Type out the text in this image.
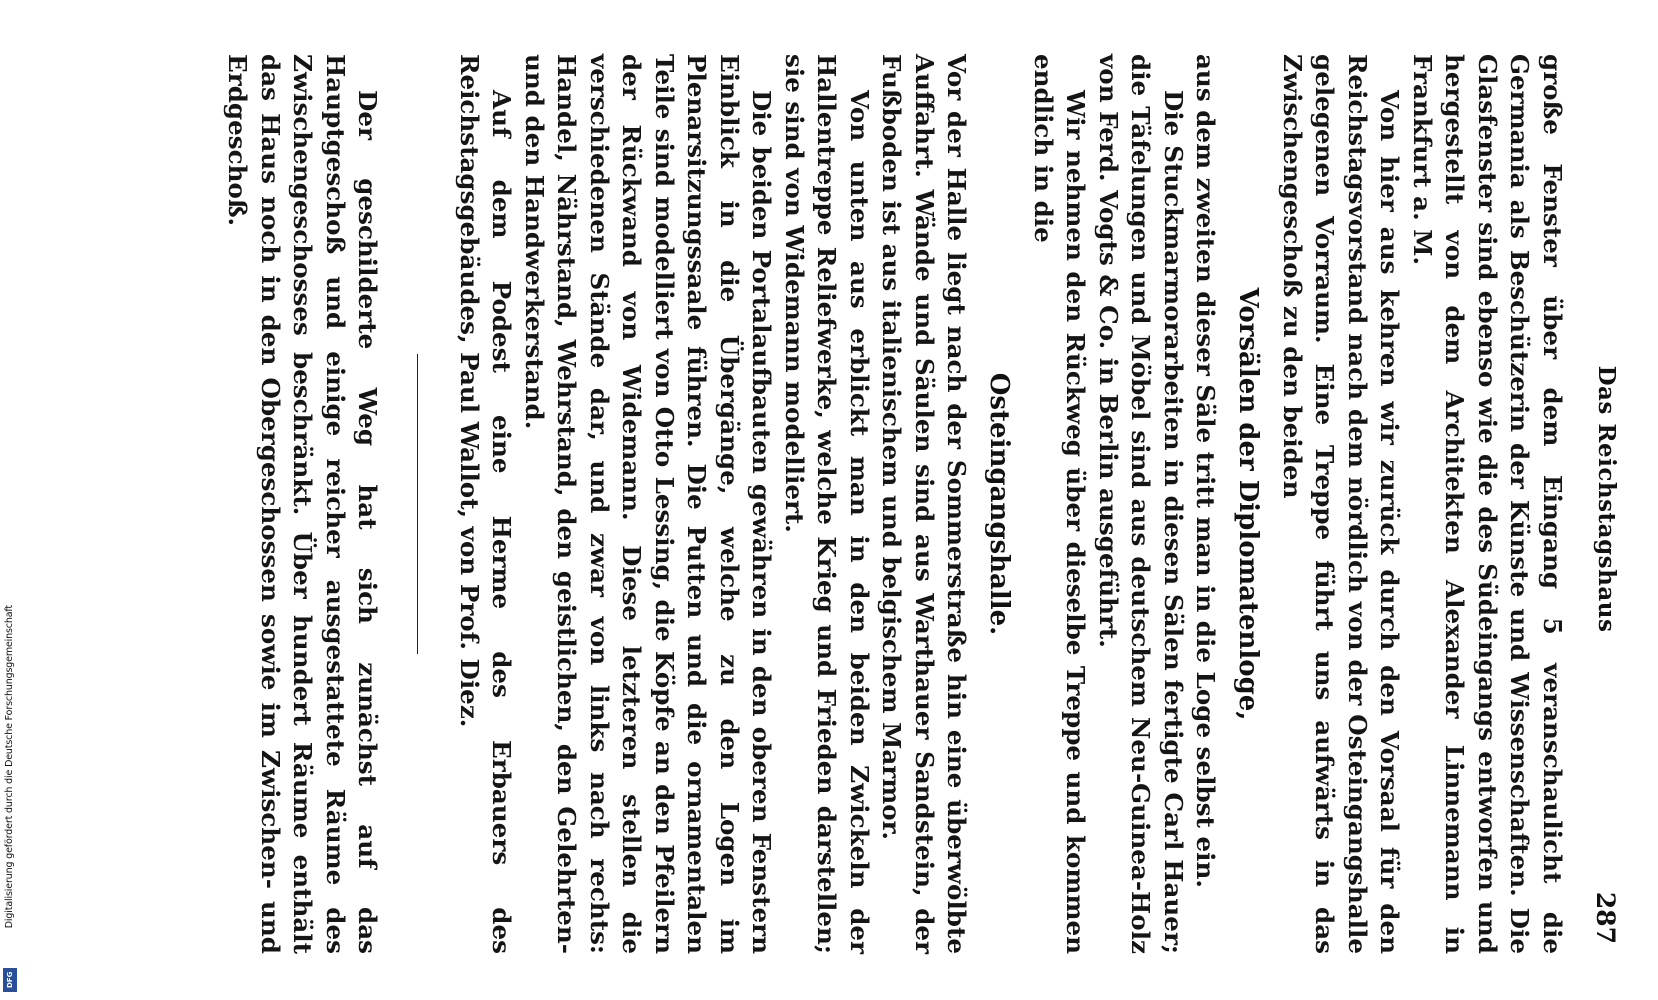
Digitalisierung gefördert durch die Deutsche Forschungsgemeinschaft
DFG
Das Reichstagshaus
287

große Fenster über dem Eingang 5 veranschaulicht die Germania als Beschützerin der Künste und Wissenschaften. Die Glasfenster sind ebenso wie die des Südeingangs entworfen und hergestellt von dem Architekten Alexander Linnemann in Frankfurt a. M.

Von hier aus kehren wir zurück durch den Vorsaal für den Reichstagsvorstand nach dem nördlich von der Osteingangshalle gelegenen Vorraum. Eine Treppe führt uns aufwärts in das Zwischengeschoß zu den beiden

Vorsälen der Diplomatenloge,

aus dem zweiten dieser Säle tritt man in die Loge selbst ein.

Die Stuckmarmorarbeiten in diesen Sälen fertigte Carl Hauer; die Täfelungen und Möbel sind aus deutschem Neu-Guinea-Holz von Ferd. Vogts & Co. in Berlin ausgeführt.

Wir nehmen den Rückweg über dieselbe Treppe und kommen endlich in die

Osteingangshalle.

Vor der Halle liegt nach der Sommerstraße hin eine überwölbte Auffahrt. Wände und Säulen sind aus Warthauer Sandstein, der Fußboden ist aus italienischem und belgischem Marmor.

Von unten aus erblickt man in den beiden Zwickeln der Hallentreppe Reliefwerke, welche Krieg und Frieden darstellen; sie sind von Widemann modelliert.

Die beiden Portalaufbauten gewähren in den oberen Fenstern Einblick in die Übergänge, welche zu den Logen im Plenarsitzungssaale führen. Die Putten und die ornamentalen Teile sind modelliert von Otto Lessing, die Köpfe an den Pfeilern der Rückwand von Widemann. Diese letzteren stellen die verschiedenen Stände dar, und zwar von links nach rechts: Handel, Nährstand, Wehrstand, den geistlichen, den Gelehrten- und den Handwerkerstand.

Auf dem Podest eine Herme des Erbauers des Reichstagsgebäudes, Paul Wallot, von Prof. Diez.

Der geschilderte Weg hat sich zunächst auf das Hauptgeschoß und einige reicher ausgestattete Räume des Zwischengeschosses beschränkt. Über hundert Räume enthält das Haus noch in den Obergeschossen sowie im Zwischen- und Erdgeschoß.
